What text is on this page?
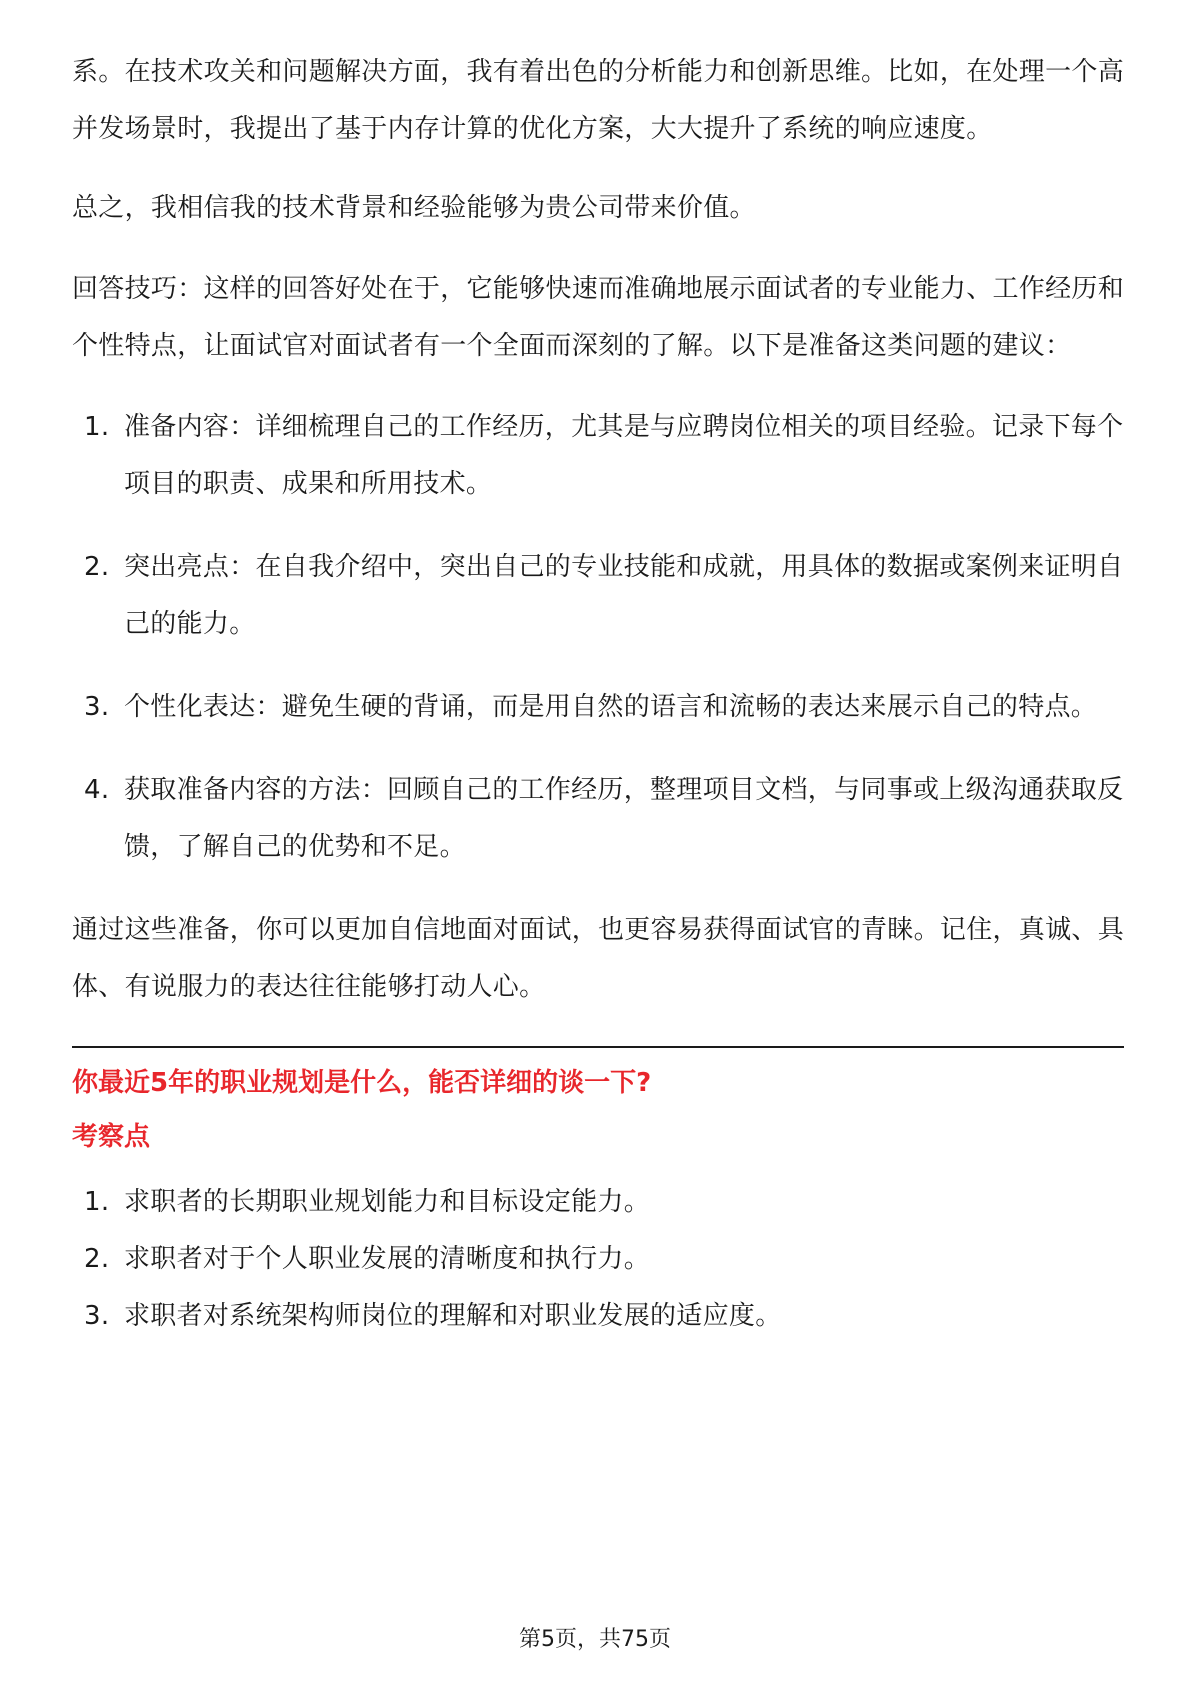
系。在技术攻关和问题解决方面，我有着出色的分析能力和创新思维。比如，在处理一个高并发场景时，我提出了基于内存计算的优化方案，大大提升了系统的响应速度。

总之，我相信我的技术背景和经验能够为贵公司带来价值。

回答技巧：这样的回答好处在于，它能够快速而准确地展示面试者的专业能力、工作经历和个性特点，让面试官对面试者有一个全面而深刻的了解。以下是准备这类问题的建议：

1. 准备内容：详细梳理自己的工作经历，尤其是与应聘岗位相关的项目经验。记录下每个项目的职责、成果和所用技术。
2. 突出亮点：在自我介绍中，突出自己的专业技能和成就，用具体的数据或案例来证明自己的能力。
3. 个性化表达：避免生硬的背诵，而是用自然的语言和流畅的表达来展示自己的特点。
4. 获取准备内容的方法：回顾自己的工作经历，整理项目文档，与同事或上级沟通获取反馈，了解自己的优势和不足。

通过这些准备，你可以更加自信地面对面试，也更容易获得面试官的青睐。记住，真诚、具体、有说服力的表达往往能够打动人心。

你最近5年的职业规划是什么，能否详细的谈一下?

考察点

1. 求职者的长期职业规划能力和目标设定能力。
2. 求职者对于个人职业发展的清晰度和执行力。
3. 求职者对系统架构师岗位的理解和对职业发展的适应度。
第5页，共75页
